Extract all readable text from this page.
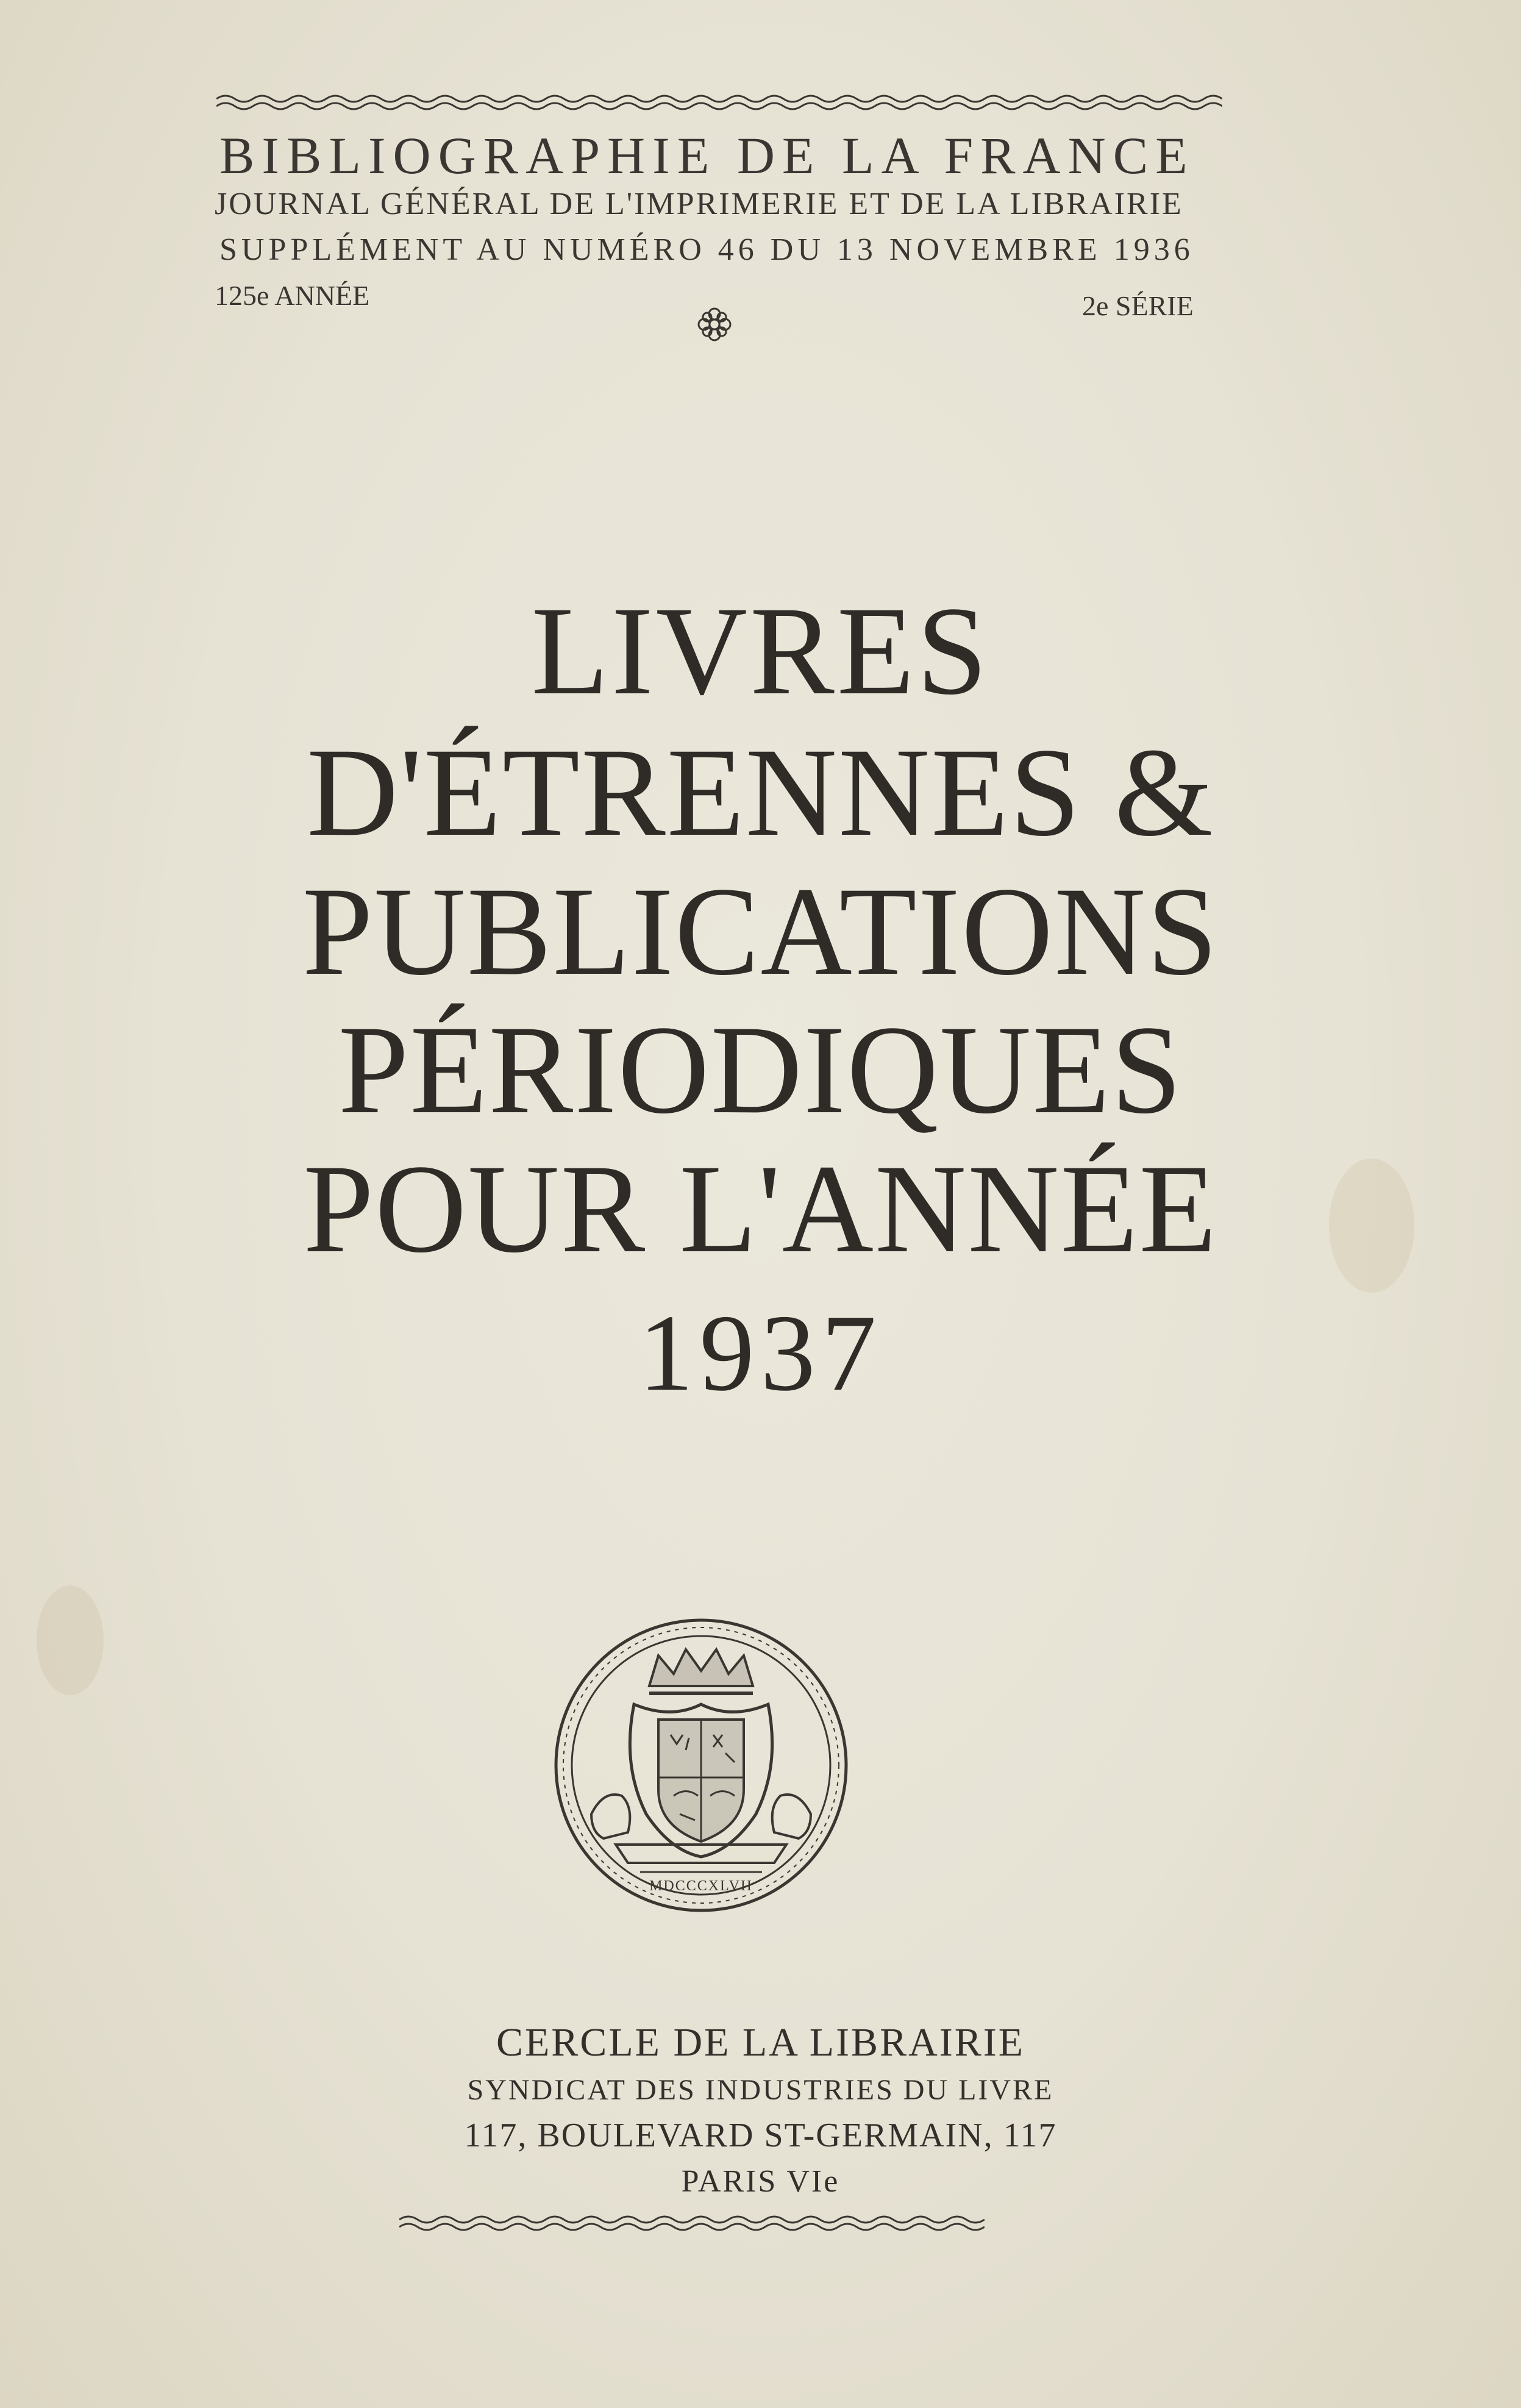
BIBLIOGRAPHIE DE LA FRANCE
JOURNAL GÉNÉRAL DE L'IMPRIMERIE ET DE LA LIBRAIRIE
SUPPLÉMENT AU NUMÉRO 46 DU 13 NOVEMBRE 1936
125e ANNÉE	2e SÉRIE
LIVRES
D'ÉTRENNES &
PUBLICATIONS
PÉRIODIQUES
POUR L'ANNÉE
1937
MDCCCXLVII
CERCLE DE LA LIBRAIRIE
SYNDICAT DES INDUSTRIES DU LIVRE
117, BOULEVARD ST-GERMAIN, 117
PARIS VIe
